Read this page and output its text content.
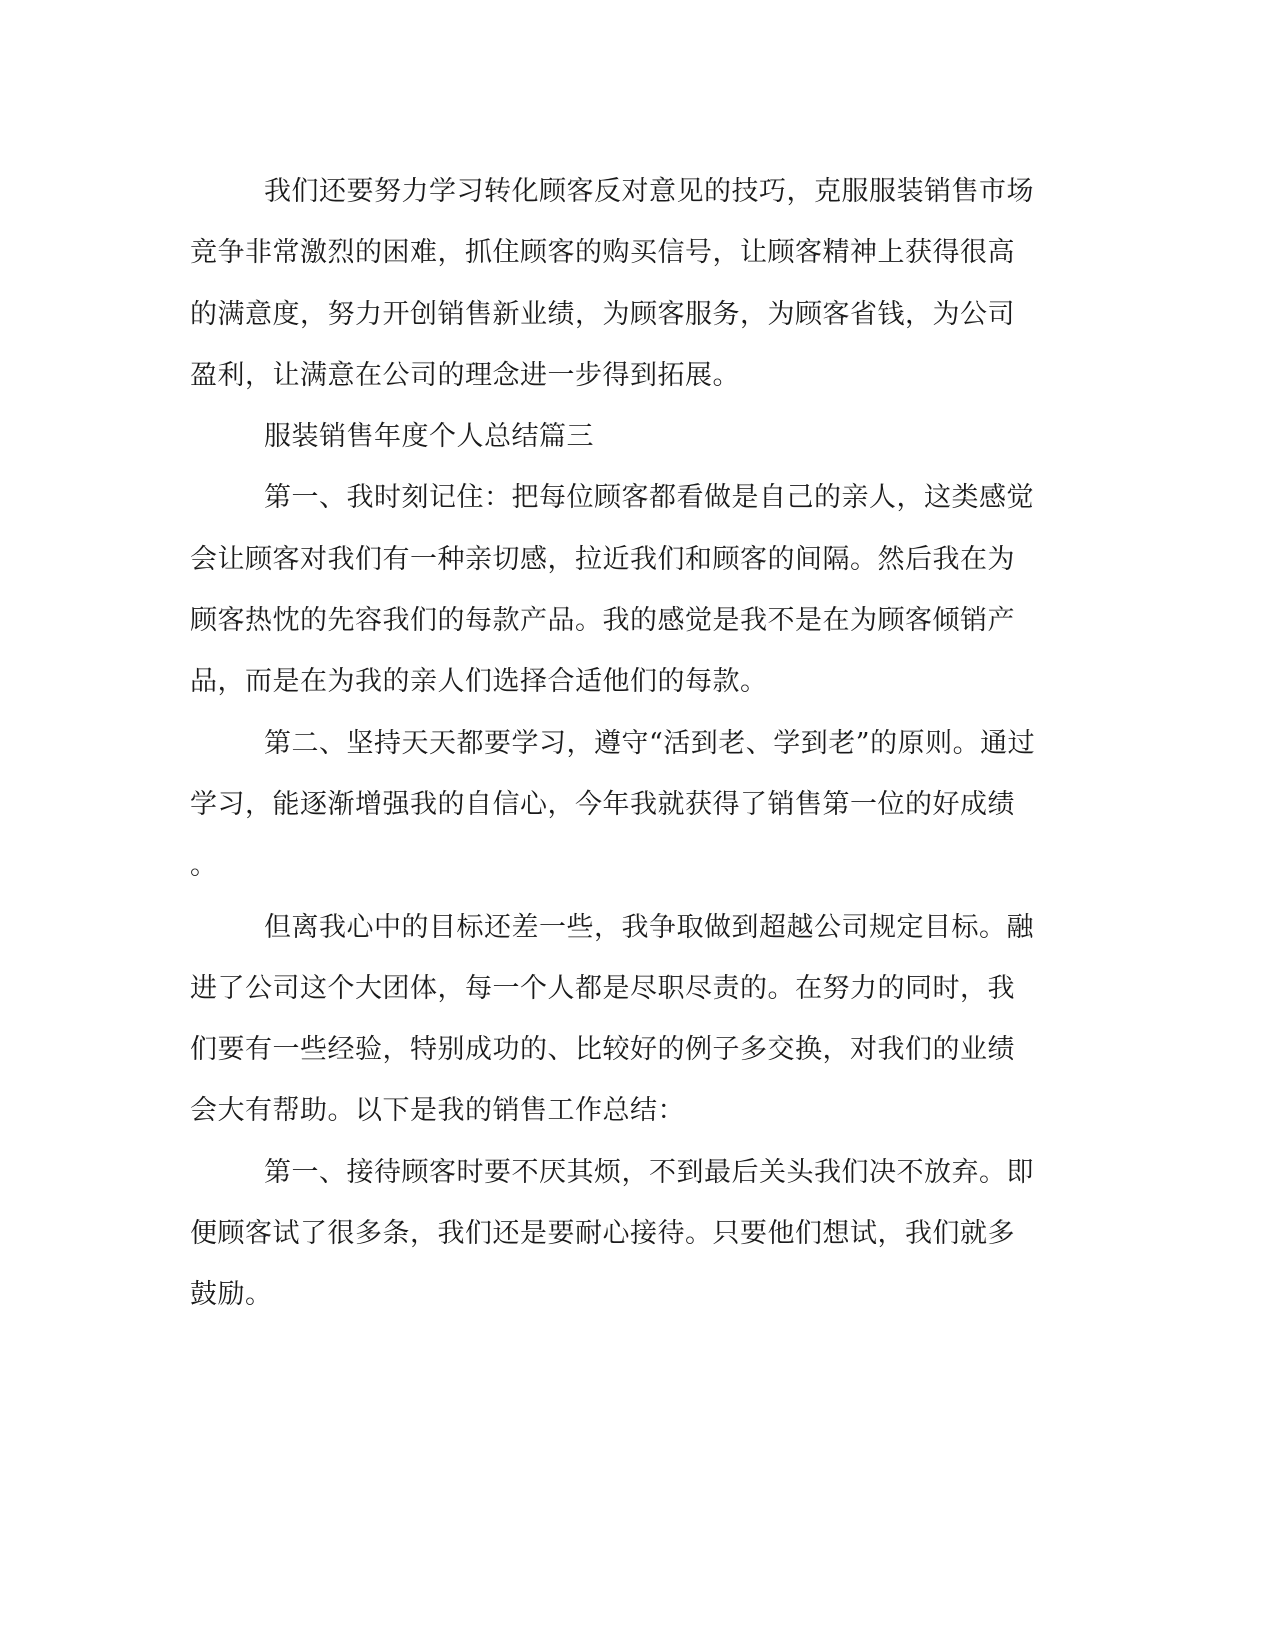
我们还要努力学习转化顾客反对意见的技巧，克服服装销售市场
竞争非常激烈的困难，抓住顾客的购买信号，让顾客精神上获得很高
的满意度，努力开创销售新业绩，为顾客服务，为顾客省钱，为公司
盈利，让满意在公司的理念进一步得到拓展。
服装销售年度个人总结篇三
第一、我时刻记住：把每位顾客都看做是自己的亲人，这类感觉
会让顾客对我们有一种亲切感，拉近我们和顾客的间隔。然后我在为
顾客热忱的先容我们的每款产品。我的感觉是我不是在为顾客倾销产
品，而是在为我的亲人们选择合适他们的每款。
第二、坚持天天都要学习，遵守“活到老、学到老”的原则。通过
学习，能逐渐增强我的自信心，今年我就获得了销售第一位的好成绩
。
但离我心中的目标还差一些，我争取做到超越公司规定目标。融
进了公司这个大团体，每一个人都是尽职尽责的。在努力的同时，我
们要有一些经验，特别成功的、比较好的例子多交换，对我们的业绩
会大有帮助。以下是我的销售工作总结：
第一、接待顾客时要不厌其烦，不到最后关头我们决不放弃。即
便顾客试了很多条，我们还是要耐心接待。只要他们想试，我们就多
鼓励。
